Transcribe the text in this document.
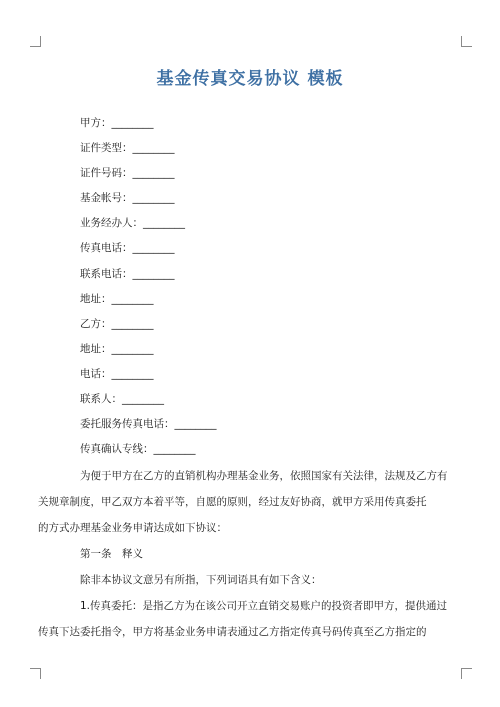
基金传真交易协议 模板
甲方：________
证件类型：________
证件号码：________
基金帐号：________
业务经办人：________
传真电话：________
联系电话：________
地址：________
乙方：________
地址：________
电话：________
联系人：________
委托服务传真电话：________
传真确认专线：________

为便于甲方在乙方的直销机构办理基金业务，依照国家有关法律，法规及乙方有

关规章制度，甲乙双方本着平等，自愿的原则，经过友好协商，就甲方采用传真委托

的方式办理基金业务申请达成如下协议：

第一条　释义

除非本协议文意另有所指，下列词语具有如下含义：

1.传真委托：是指乙方为在该公司开立直销交易账户的投资者即甲方，提供通过

传真下达委托指令，甲方将基金业务申请表通过乙方指定传真号码传真至乙方指定的
